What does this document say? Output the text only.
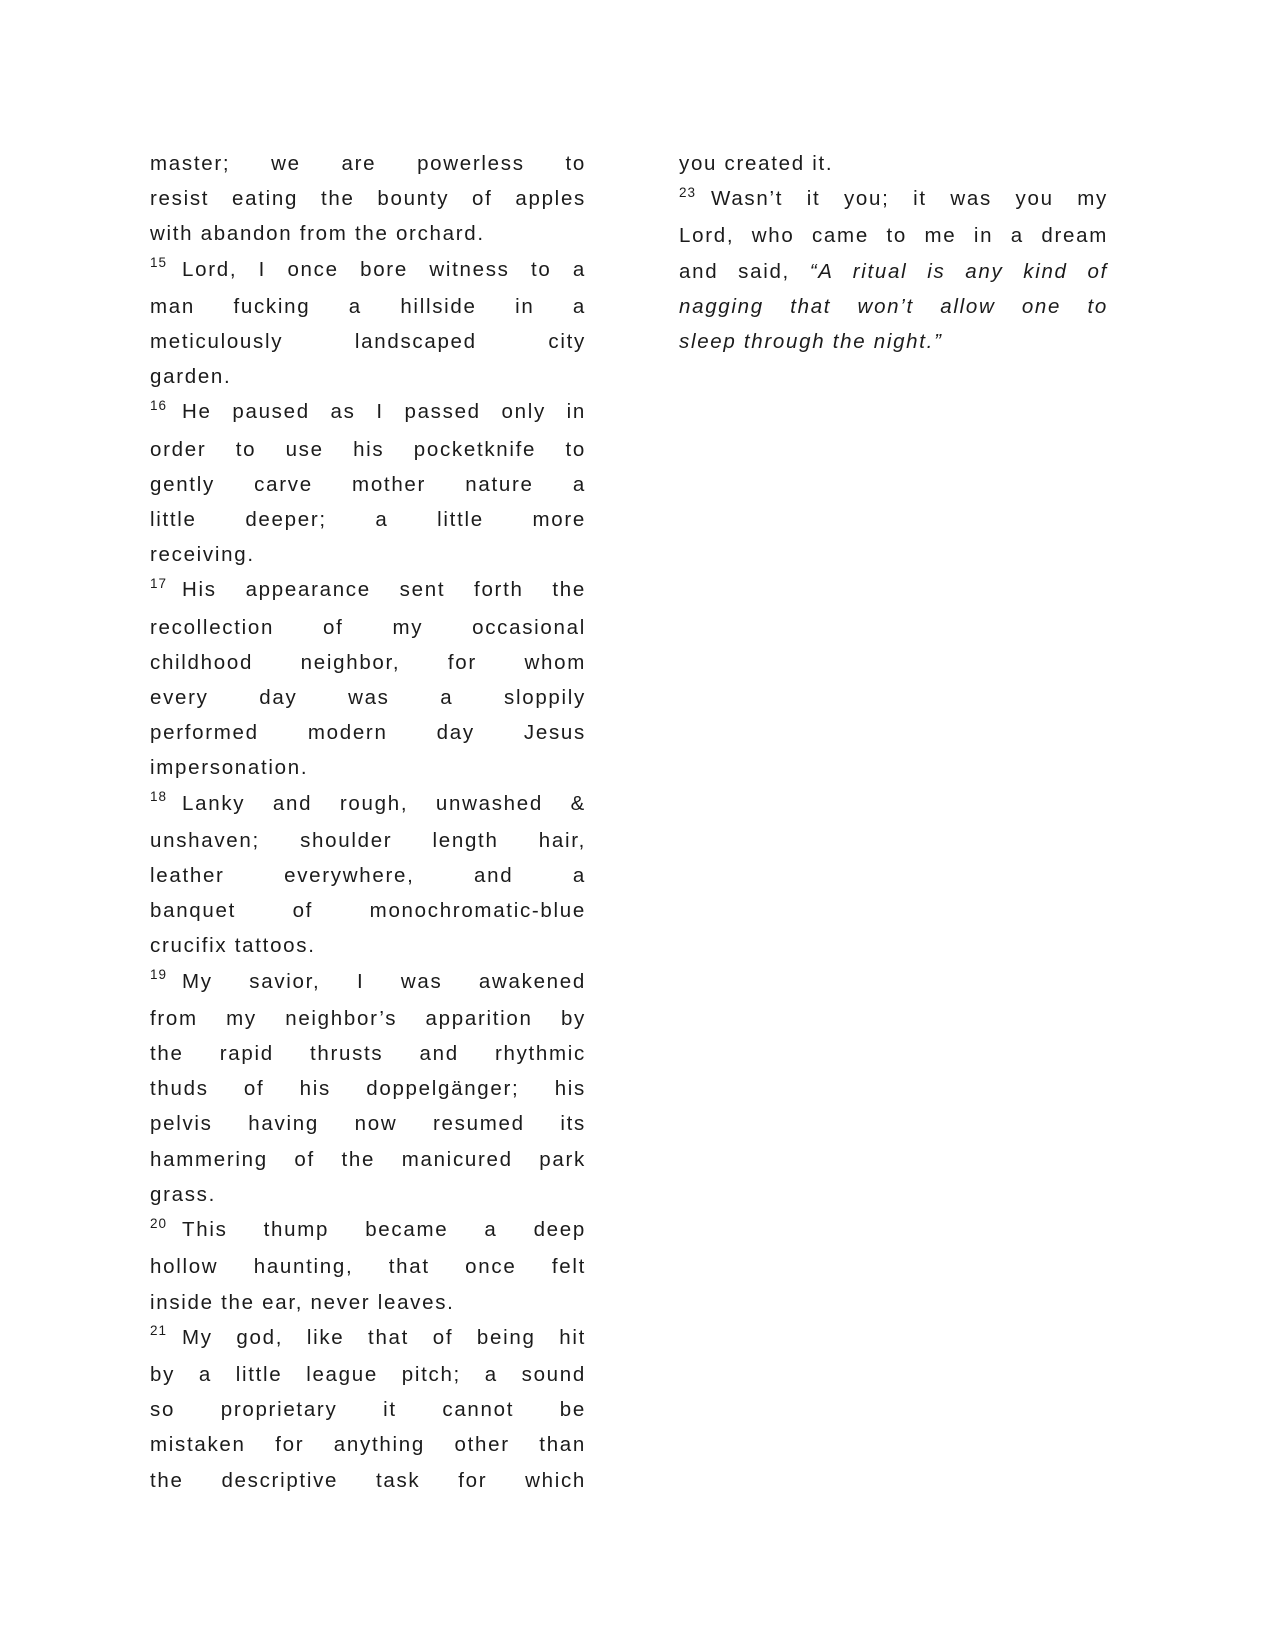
master; we are powerless to
resist eating the bounty of apples
with abandon from the orchard.
$^{15}$ Lord, I once bore witness to a
man fucking a hillside in a
meticulously landscaped city
garden.
$^{16}$ He paused as I passed only in
order to use his pocketknife to
gently carve mother nature a
little deeper; a little more
receiving.
$^{17}$ His appearance sent forth the
recollection of my occasional
childhood neighbor, for whom
every day was a sloppily
performed modern day Jesus
impersonation.
$^{18}$ Lanky and rough, unwashed &
unshaven; shoulder length hair,
leather everywhere, and a
banquet of monochromatic-blue
crucifix tattoos.
$^{19}$ My savior, I was awakened
from my neighbor’s apparition by
the rapid thrusts and rhythmic
thuds of his doppelgänger; his
pelvis having now resumed its
hammering of the manicured park
grass.
$^{20}$ This thump became a deep
hollow haunting, that once felt
inside the ear, never leaves.
$^{21}$ My god, like that of being hit
by a little league pitch; a sound
so proprietary it cannot be
mistaken for anything other than
the descriptive task for which
you created it.
$^{23}$ Wasn’t it you; it was you my
Lord, who came to me in a dream
and said, “A ritual is any kind of
nagging that won’t allow one to
sleep through the night.”
